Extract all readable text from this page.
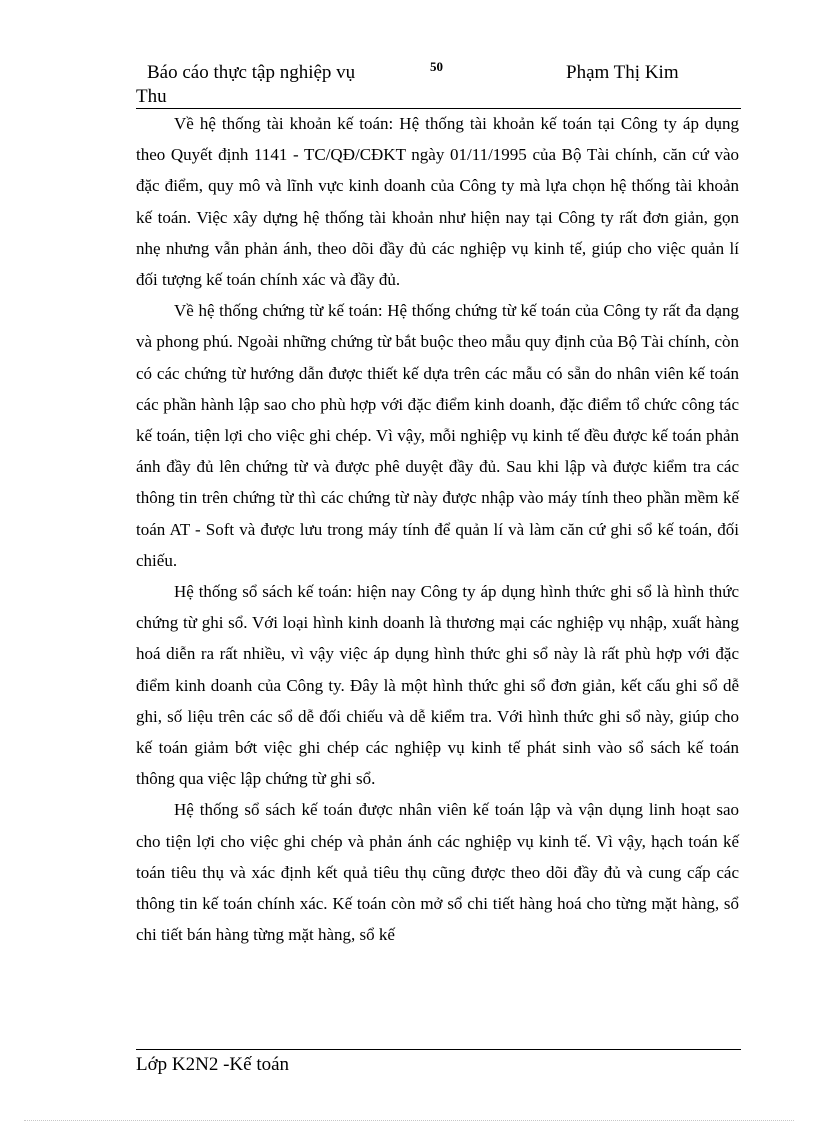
Báo cáo thực tập nghiệp vụ	50	Phạm Thị Kim
Thu

Về hệ thống tài khoản kế toán: Hệ thống tài khoản kế toán tại Công ty áp dụng theo Quyết định 1141 - TC/QĐ/CĐKT ngày 01/11/1995 của Bộ Tài chính, căn cứ vào đặc điểm, quy mô và lĩnh vực kinh doanh của Công ty mà lựa chọn hệ thống tài khoản kế toán. Việc xây dựng hệ thống tài khoản như hiện nay tại Công ty rất đơn giản, gọn nhẹ nhưng vẫn phản ánh, theo dõi đầy đủ các nghiệp vụ kinh tế, giúp cho việc quản lí đối tượng kế toán chính xác và đầy đủ.

Về hệ thống chứng từ kế toán: Hệ thống chứng từ kế toán của Công ty rất đa dạng và phong phú. Ngoài những chứng từ bắt buộc theo mẫu quy định của Bộ Tài chính, còn có các chứng từ hướng dẫn được thiết kế dựa trên các mẫu có sẵn do nhân viên kế toán các phần hành lập sao cho phù hợp với đặc điểm kinh doanh, đặc điểm tổ chức công tác kế toán, tiện lợi cho việc ghi chép. Vì vậy, mỗi nghiệp vụ kinh tế đều được kế toán phản ánh đầy đủ lên chứng từ và được phê duyệt đầy đủ. Sau khi lập và được kiểm tra các thông tin trên chứng từ thì các chứng từ này được nhập vào máy tính theo phần mềm kế toán AT - Soft và được lưu trong máy tính để quản lí và làm căn cứ ghi sổ kế toán, đối chiếu.

Hệ thống sổ sách kế toán: hiện nay Công ty áp dụng hình thức ghi sổ là hình thức chứng từ ghi sổ. Với loại hình kinh doanh là thương mại các nghiệp vụ nhập, xuất hàng hoá diễn ra rất nhiều, vì vậy việc áp dụng hình thức ghi sổ này là rất phù hợp với đặc điểm kinh doanh của Công ty. Đây là một hình thức ghi sổ đơn giản, kết cấu ghi sổ dễ ghi, số liệu trên các sổ dễ đối chiếu và dễ kiểm tra. Với hình thức ghi sổ này, giúp cho kế toán giảm bớt việc ghi chép các nghiệp vụ kinh tế phát sinh vào sổ sách kế toán thông qua việc lập chứng từ ghi sổ.

Hệ thống sổ sách kế toán được nhân viên kế toán lập và vận dụng linh hoạt sao cho tiện lợi cho việc ghi chép và phản ánh các nghiệp vụ kinh tế. Vì vậy, hạch toán kế toán tiêu thụ và xác định kết quả tiêu thụ cũng được theo dõi đầy đủ và cung cấp các thông tin kế toán chính xác. Kế toán còn mở sổ chi tiết hàng hoá cho từng mặt hàng, sổ chi tiết bán hàng từng mặt hàng, sổ kế

Lớp K2N2 -Kế toán
